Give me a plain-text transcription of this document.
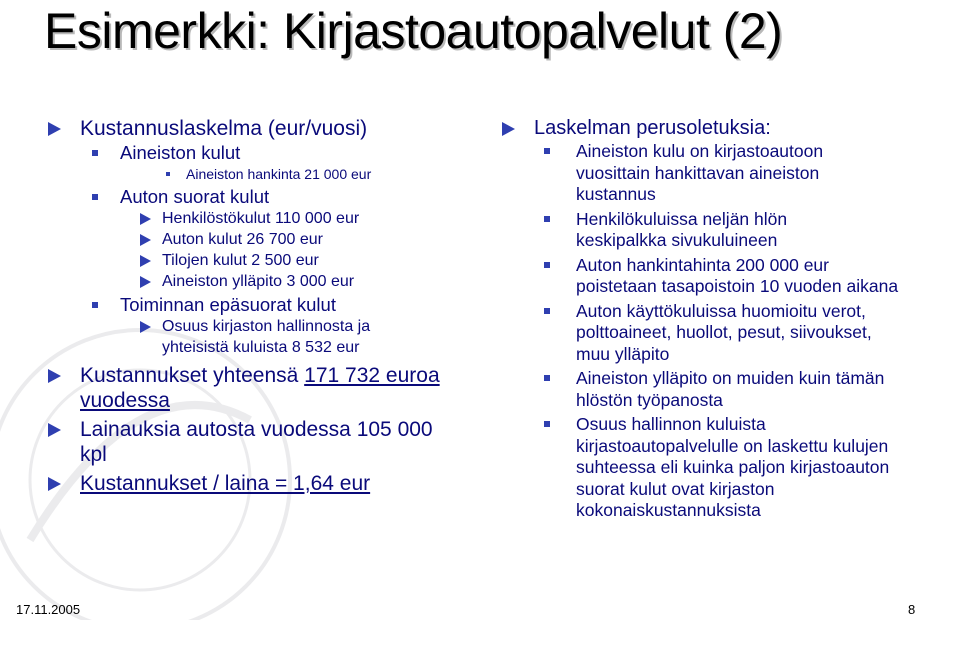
Esimerkki: Kirjastoautopalvelut (2)
Kustannuslaskelma (eur/vuosi)
Aineiston kulut
Aineiston hankinta 21 000 eur
Auton suorat kulut
Henkilöstökulut 110 000 eur
Auton kulut 26 700 eur
Tilojen kulut 2 500 eur
Aineiston ylläpito 3 000 eur
Toiminnan epäsuorat kulut
Osuus kirjaston hallinnosta ja yhteisistä kuluista 8 532 eur
Kustannukset yhteensä 171 732 euroa vuodessa
Lainauksia autosta vuodessa 105 000 kpl
Kustannukset / laina = 1,64 eur
Laskelman perusoletuksia:
Aineiston kulu on kirjastoautoon vuosittain hankittavan aineiston kustannus
Henkilökuluissa neljän hlön keskipalkka sivukuluineen
Auton hankintahinta 200 000 eur poistetaan tasapoistoin 10 vuoden aikana
Auton käyttökuluissa huomioitu verot, polttoaineet, huollot, pesut, siivoukset, muu ylläpito
Aineiston ylläpito on muiden kuin tämän hlöstön työpanosta
Osuus hallinnon kuluista kirjastoautopalvelulle on laskettu kulujen suhteessa eli kuinka paljon kirjastoauton suorat kulut ovat kirjaston kokonaiskustannuksista
17.11.2005	8
